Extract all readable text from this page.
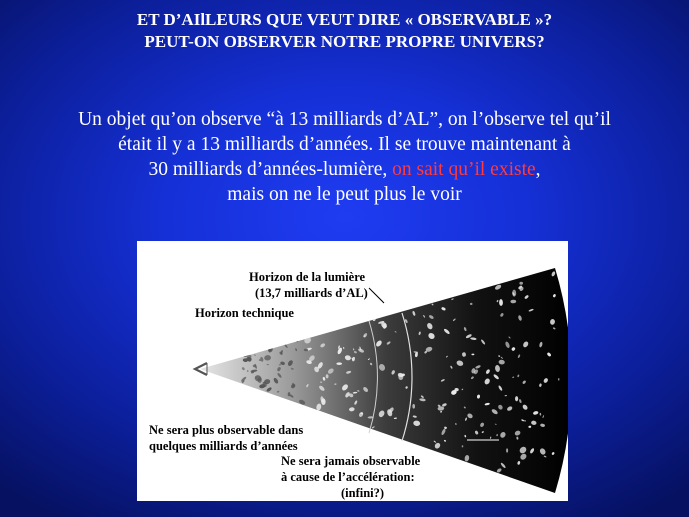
ET D’AIlLEURS QUE VEUT DIRE « OBSERVABLE »?
PEUT-ON OBSERVER NOTRE PROPRE UNIVERS?
Un objet qu’on observe “à 13 milliards d’AL”, on l’observe tel qu’il
était il y a 13 milliards d’années. Il se trouve maintenant à
30 milliards d’années-lumière, on sait qu’il existe,
mais on ne le peut plus le voir
Horizon de la lumière
(13,7 milliards d’AL)
Horizon technique
Ne sera plus observable dans
quelques milliards d’années
Ne sera jamais observable
à cause de l’accélération:
(infini?)
